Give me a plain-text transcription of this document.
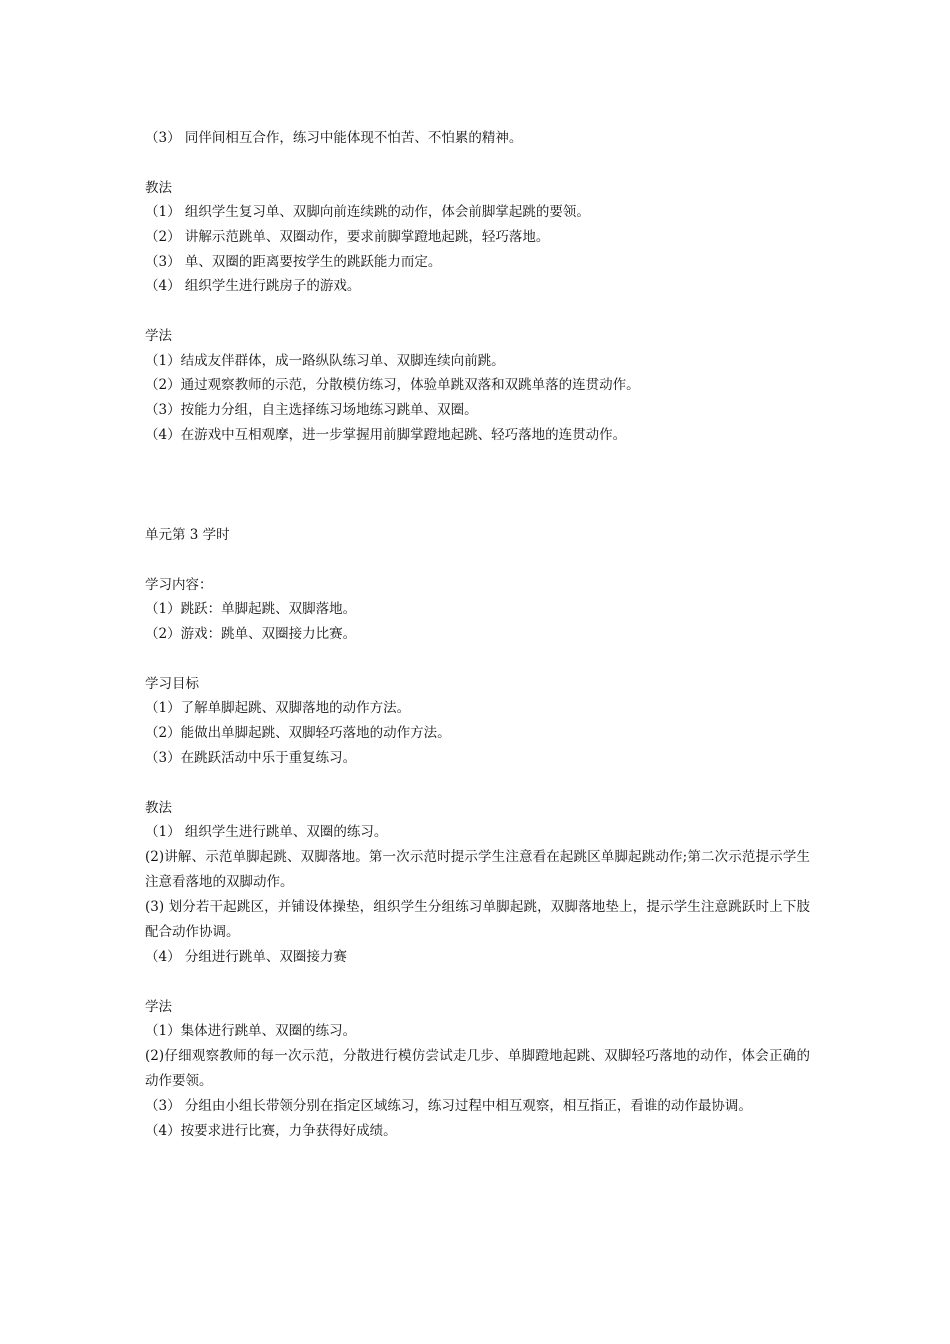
（3） 同伴间相互合作，练习中能体现不怕苦、不怕累的精神。
教法
（1） 组织学生复习单、双脚向前连续跳的动作，体会前脚掌起跳的要领。
（2） 讲解示范跳单、双圈动作，要求前脚掌蹬地起跳，轻巧落地。
（3） 单、双圈的距离要按学生的跳跃能力而定。
（4） 组织学生进行跳房子的游戏。
学法
（1）结成友伴群体，成一路纵队练习单、双脚连续向前跳。
（2）通过观察教师的示范，分散模仿练习，体验单跳双落和双跳单落的连贯动作。
（3）按能力分组，自主选择练习场地练习跳单、双圈。
（4）在游戏中互相观摩，进一步掌握用前脚掌蹬地起跳、轻巧落地的连贯动作。
单元第 3 学时
学习内容：
（1）跳跃：单脚起跳、双脚落地。
（2）游戏：跳单、双圈接力比赛。
学习目标
（1）了解单脚起跳、双脚落地的动作方法。
（2）能做出单脚起跳、双脚轻巧落地的动作方法。
（3）在跳跃活动中乐于重复练习。
教法
（1） 组织学生进行跳单、双圈的练习。
(2)讲解、示范单脚起跳、双脚落地。第一次示范时提示学生注意看在起跳区单脚起跳动作;第二次示范提示学生注意看落地的双脚动作。
(3) 划分若干起跳区，并铺设体操垫，组织学生分组练习单脚起跳，双脚落地垫上，提示学生注意跳跃时上下肢配合动作协调。
（4） 分组进行跳单、双圈接力赛
学法
（1）集体进行跳单、双圈的练习。
(2)仔细观察教师的每一次示范，分散进行模仿尝试走几步、单脚蹬地起跳、双脚轻巧落地的动作，体会正确的动作要领。
（3） 分组由小组长带领分别在指定区域练习，练习过程中相互观察，相互指正，看谁的动作最协调。
（4）按要求进行比赛，力争获得好成绩。
